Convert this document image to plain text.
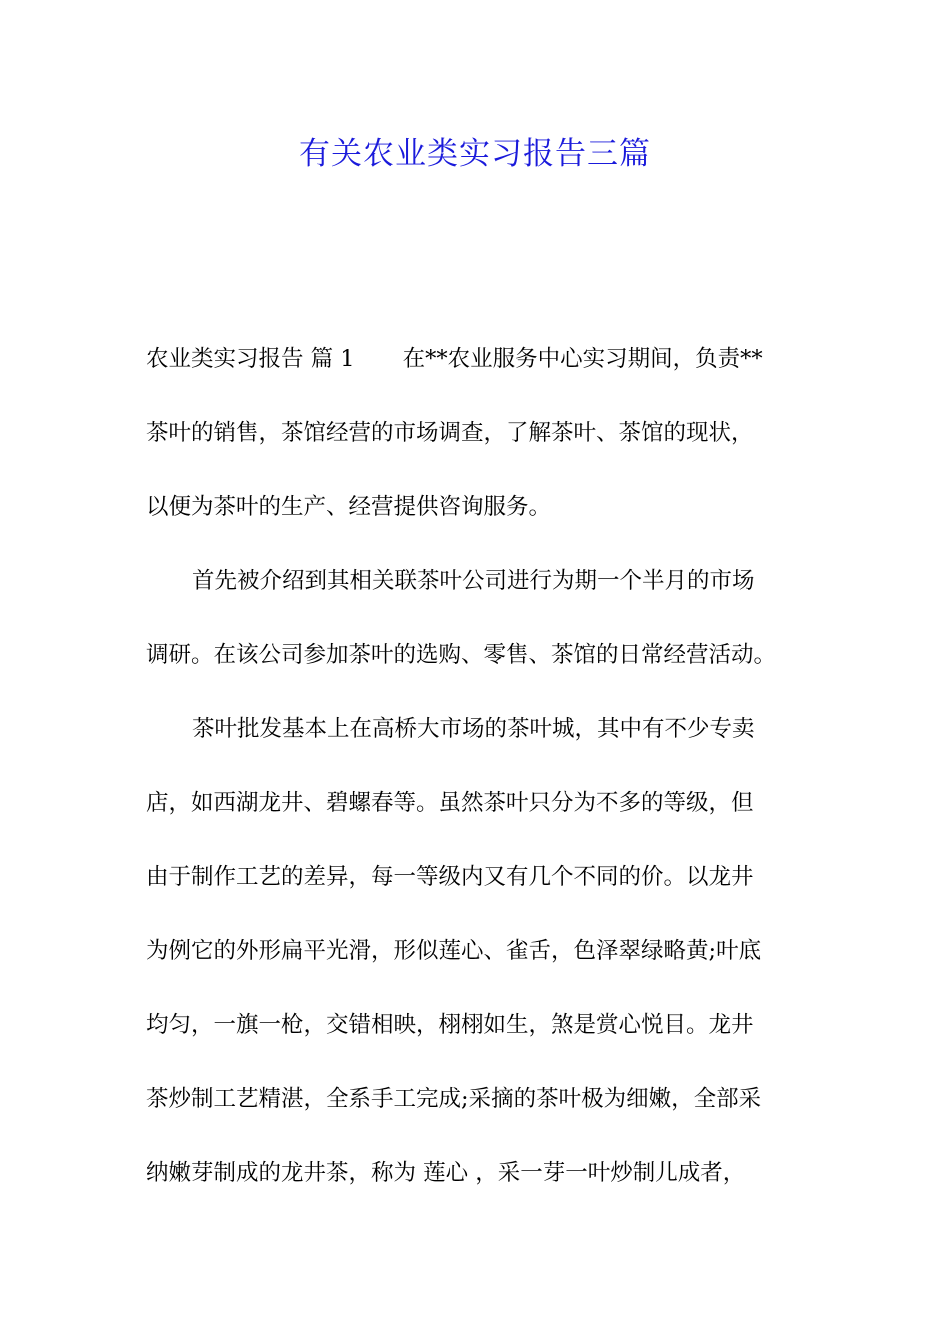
有关农业类实习报告三篇
农业类实习报告 篇 1 在**农业服务中心实习期间，负责**
茶叶的销售，茶馆经营的市场调查，了解茶叶、茶馆的现状，
以便为茶叶的生产、经营提供咨询服务。
首先被介绍到其相关联茶叶公司进行为期一个半月的市场
调研。在该公司参加茶叶的选购、零售、茶馆的日常经营活动。
茶叶批发基本上在高桥大市场的茶叶城，其中有不少专卖
店，如西湖龙井、碧螺春等。虽然茶叶只分为不多的等级，但
由于制作工艺的差异，每一等级内又有几个不同的价。以龙井
为例它的外形扁平光滑，形似莲心、雀舌，色泽翠绿略黄;叶底
均匀，一旗一枪，交错相映，栩栩如生，煞是赏心悦目。龙井
茶炒制工艺精湛，全系手工完成;采摘的茶叶极为细嫩，全部采
纳嫩芽制成的龙井茶，称为 莲心 ，采一芽一叶炒制儿成者，
